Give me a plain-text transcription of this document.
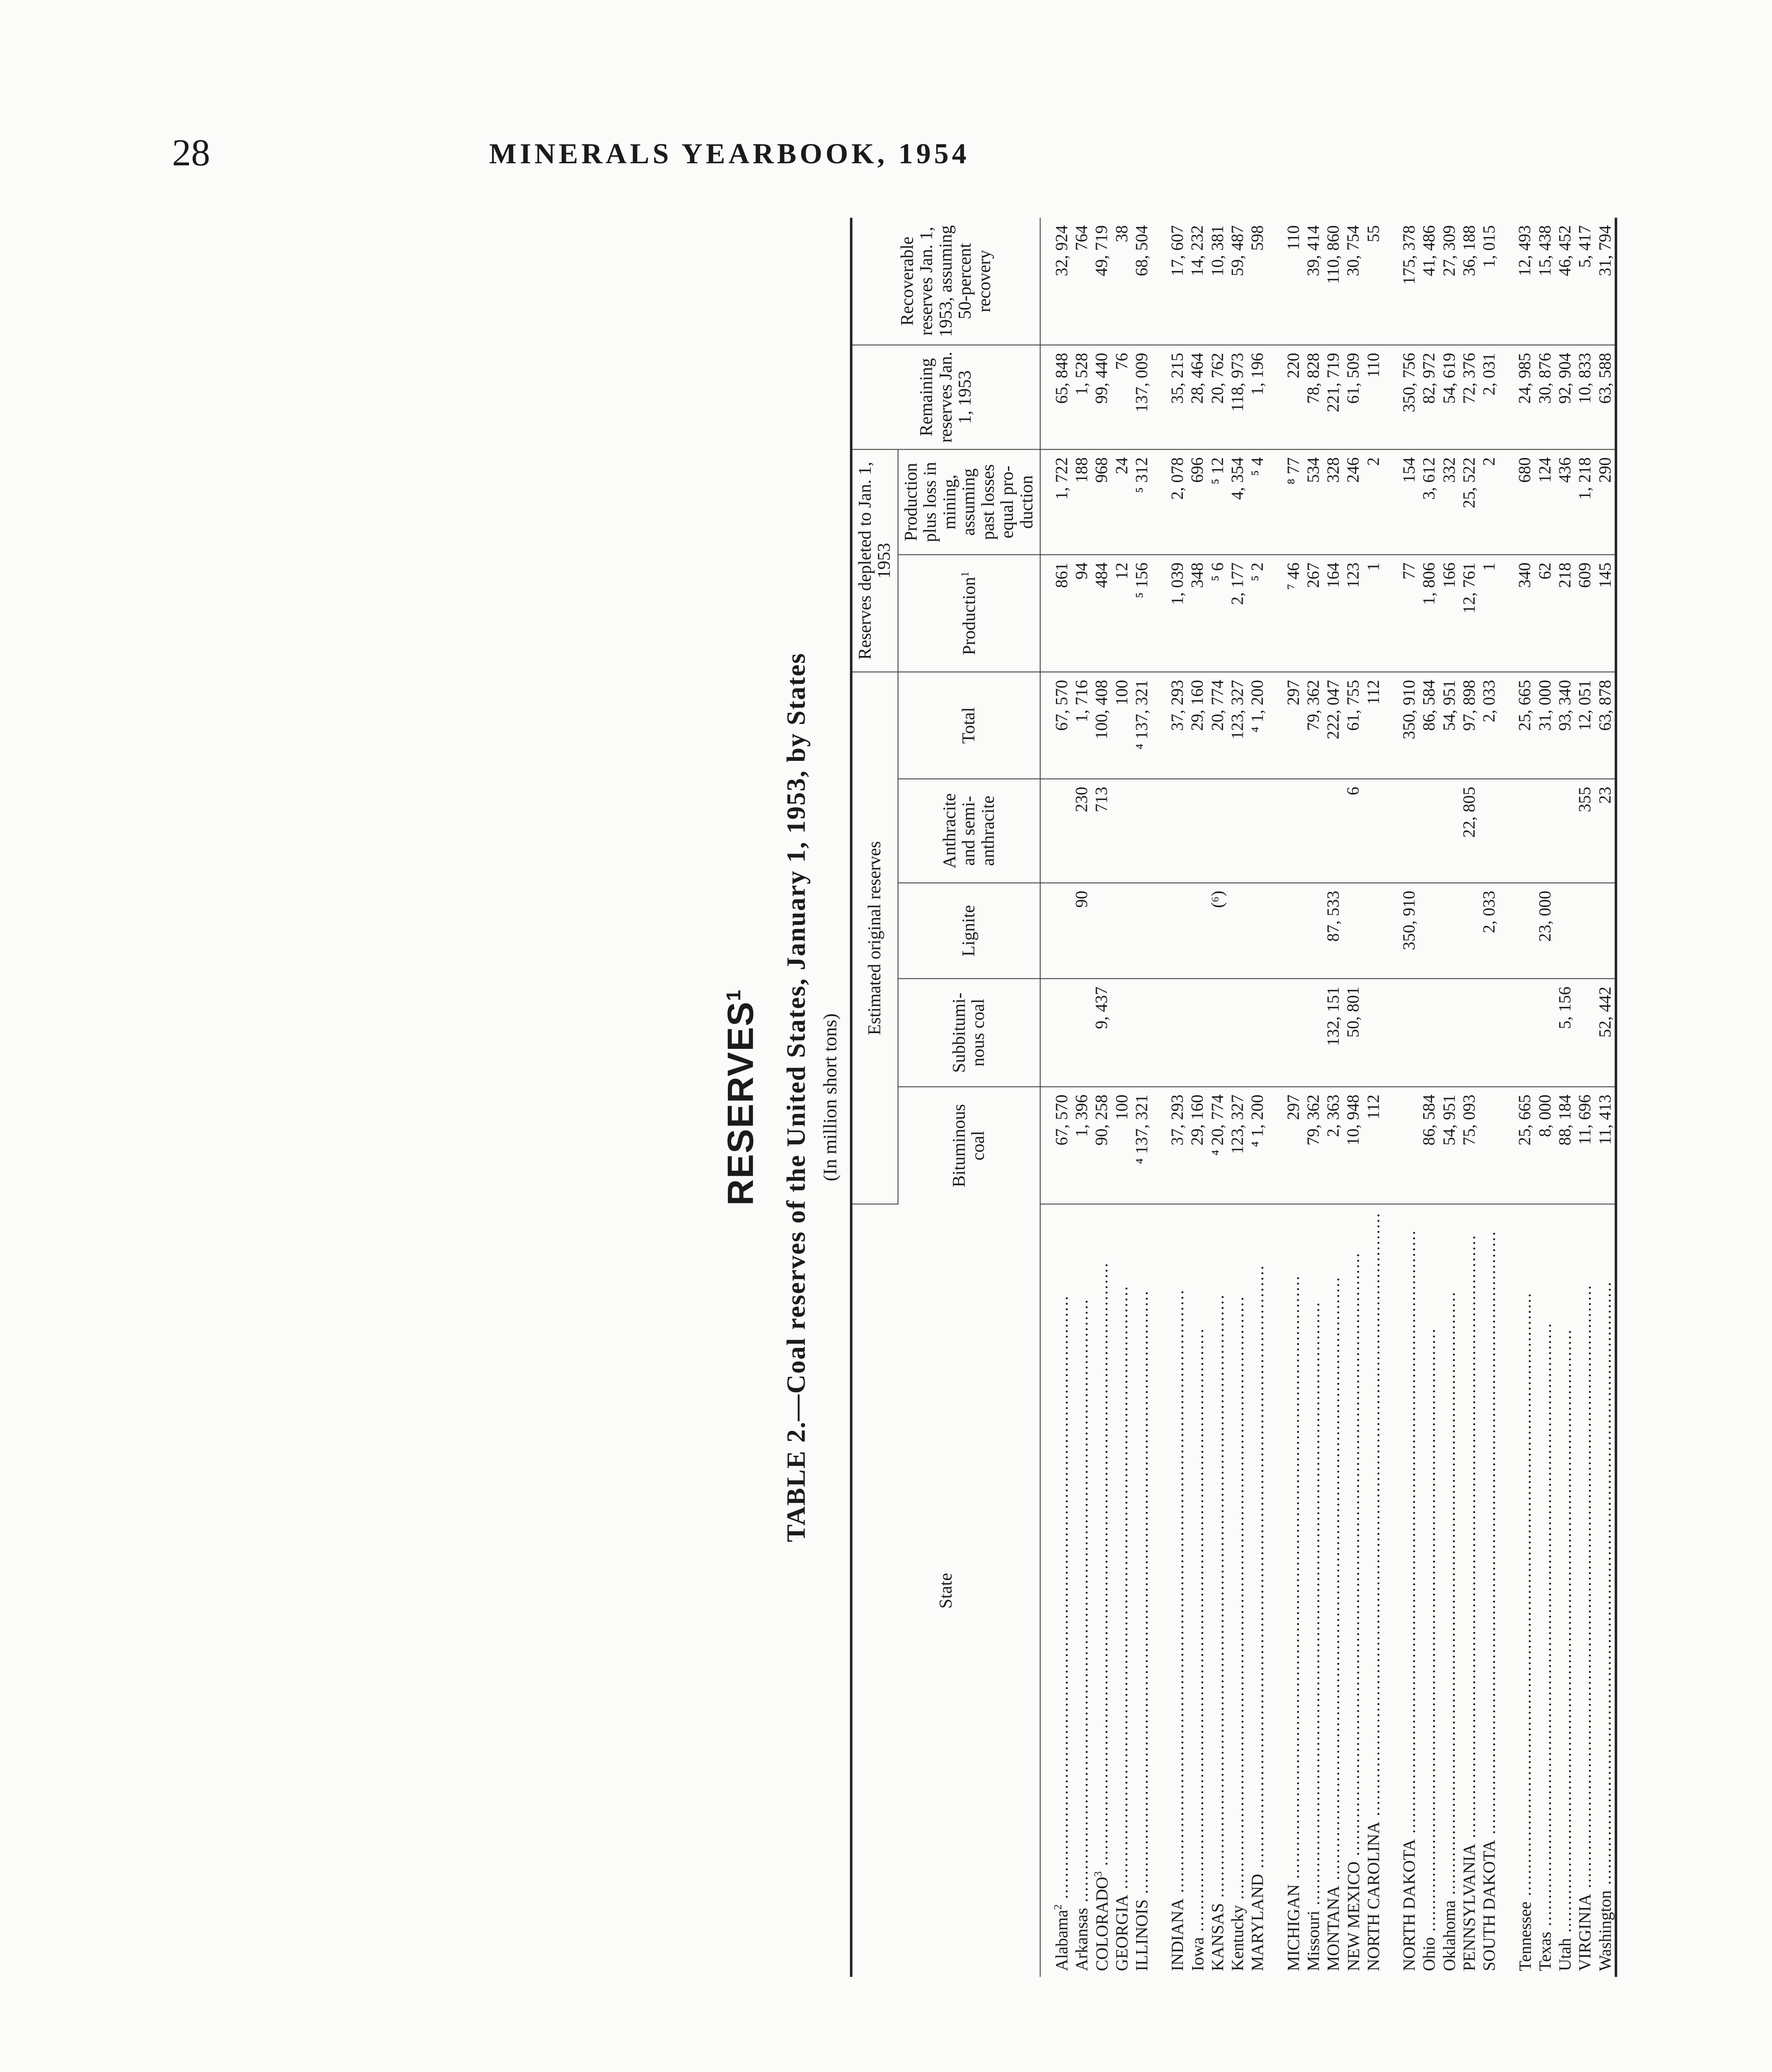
28	MINERALS YEARBOOK, 1954
RESERVES$^1$	TABLE 2.—Coal reserves of the United States, January 1, 1953, by States (In million short tons)
State	Estimated original reserves					Reserves depleted to Jan. 1, 1953		Remaining reserves Jan. 1, 1953	Recoverable reserves Jan. 1, 1953, assuming 50-percent recovery
	Bituminous coal	Subbitumi-nous coal	Lignite	Anthracite and semi-anthracite	Total	Production$^1$	Production plus loss in mining, assuming past losses equal pro-duction		

Alabama$^2$ .....	67, 570				67, 570	861	1, 722	65, 848	32, 924

Arkansas .....	1, 396		90	230	1, 716	94	188	1, 528	764

COLORADO$^3$ .....	90, 258	9, 437		713	100, 408	484	968	99, 440	49, 719

GEORGIA .....	100				100	12	24	76	38

ILLINOIS .....	⁴ 137, 321				⁴ 137, 321	⁵ 156	⁵ 312	137, 009	68, 504

INDIANA .....	37, 293				37, 293	1, 039	2, 078	35, 215	17, 607

Iowa .....	29, 160				29, 160	348	696	28, 464	14, 232

KANSAS .....	⁴ 20, 774		(⁶)		20, 774	⁵ 6	⁵ 12	20, 762	10, 381

Kentucky .....	123, 327				123, 327	2, 177	4, 354	118, 973	59, 487

MARYLAND .....	⁴ 1, 200				⁴ 1, 200	⁵ 2	⁵ 4	1, 196	598

MICHIGAN .....	297				297	⁷ 46	⁸ 77	220	110

Missouri .....	79, 362				79, 362	267	534	78, 828	39, 414

MONTANA .....	2, 363	132, 151	87, 533		222, 047	164	328	221, 719	110, 860

NEW MEXICO .....	10, 948	50, 801		6	61, 755	123	246	61, 509	30, 754

NORTH CAROLINA .....	112				112	1	2	110	55

NORTH DAKOTA .....			350, 910		350, 910	77	154	350, 756	175, 378

Ohio .....	86, 584				86, 584	1, 806	3, 612	82, 972	41, 486

Oklahoma .....	54, 951				54, 951	166	332	54, 619	27, 309

PENNSYLVANIA .....	75, 093			22, 805	97, 898	12, 761	25, 522	72, 376	36, 188

SOUTH DAKOTA .....			2, 033		2, 033	1	2	2, 031	1, 015

Tennessee .....	25, 665				25, 665	340	680	24, 985	12, 493

Texas .....	8, 000		23, 000		31, 000	62	124	30, 876	15, 438

Utah .....	88, 184	5, 156			93, 340	218	436	92, 904	46, 452

VIRGINIA .....	11, 696			355	12, 051	609	1, 218	10, 833	5, 417

Washington .....	11, 413	52, 442		23	63, 878	145	290	63, 588	31, 794
